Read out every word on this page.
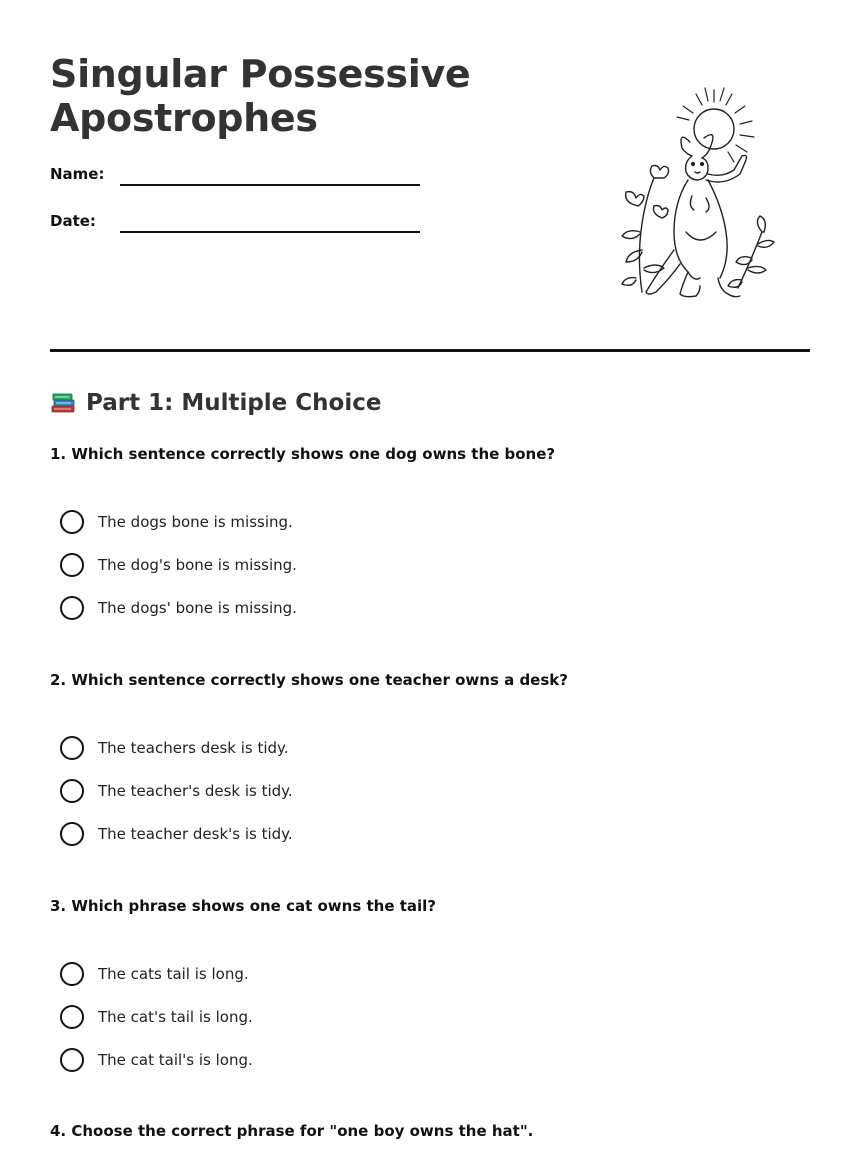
Singular Possessive Apostrophes
Name:
Date:
Part 1: Multiple Choice

1. Which sentence correctly shows one dog owns the bone?

The dogs bone is missing.
The dog's bone is missing.
The dogs' bone is missing.

2. Which sentence correctly shows one teacher owns a desk?

The teachers desk is tidy.
The teacher's desk is tidy.
The teacher desk's is tidy.

3. Which phrase shows one cat owns the tail?

The cats tail is long.
The cat's tail is long.
The cat tail's is long.

4. Choose the correct phrase for "one boy owns the hat".
